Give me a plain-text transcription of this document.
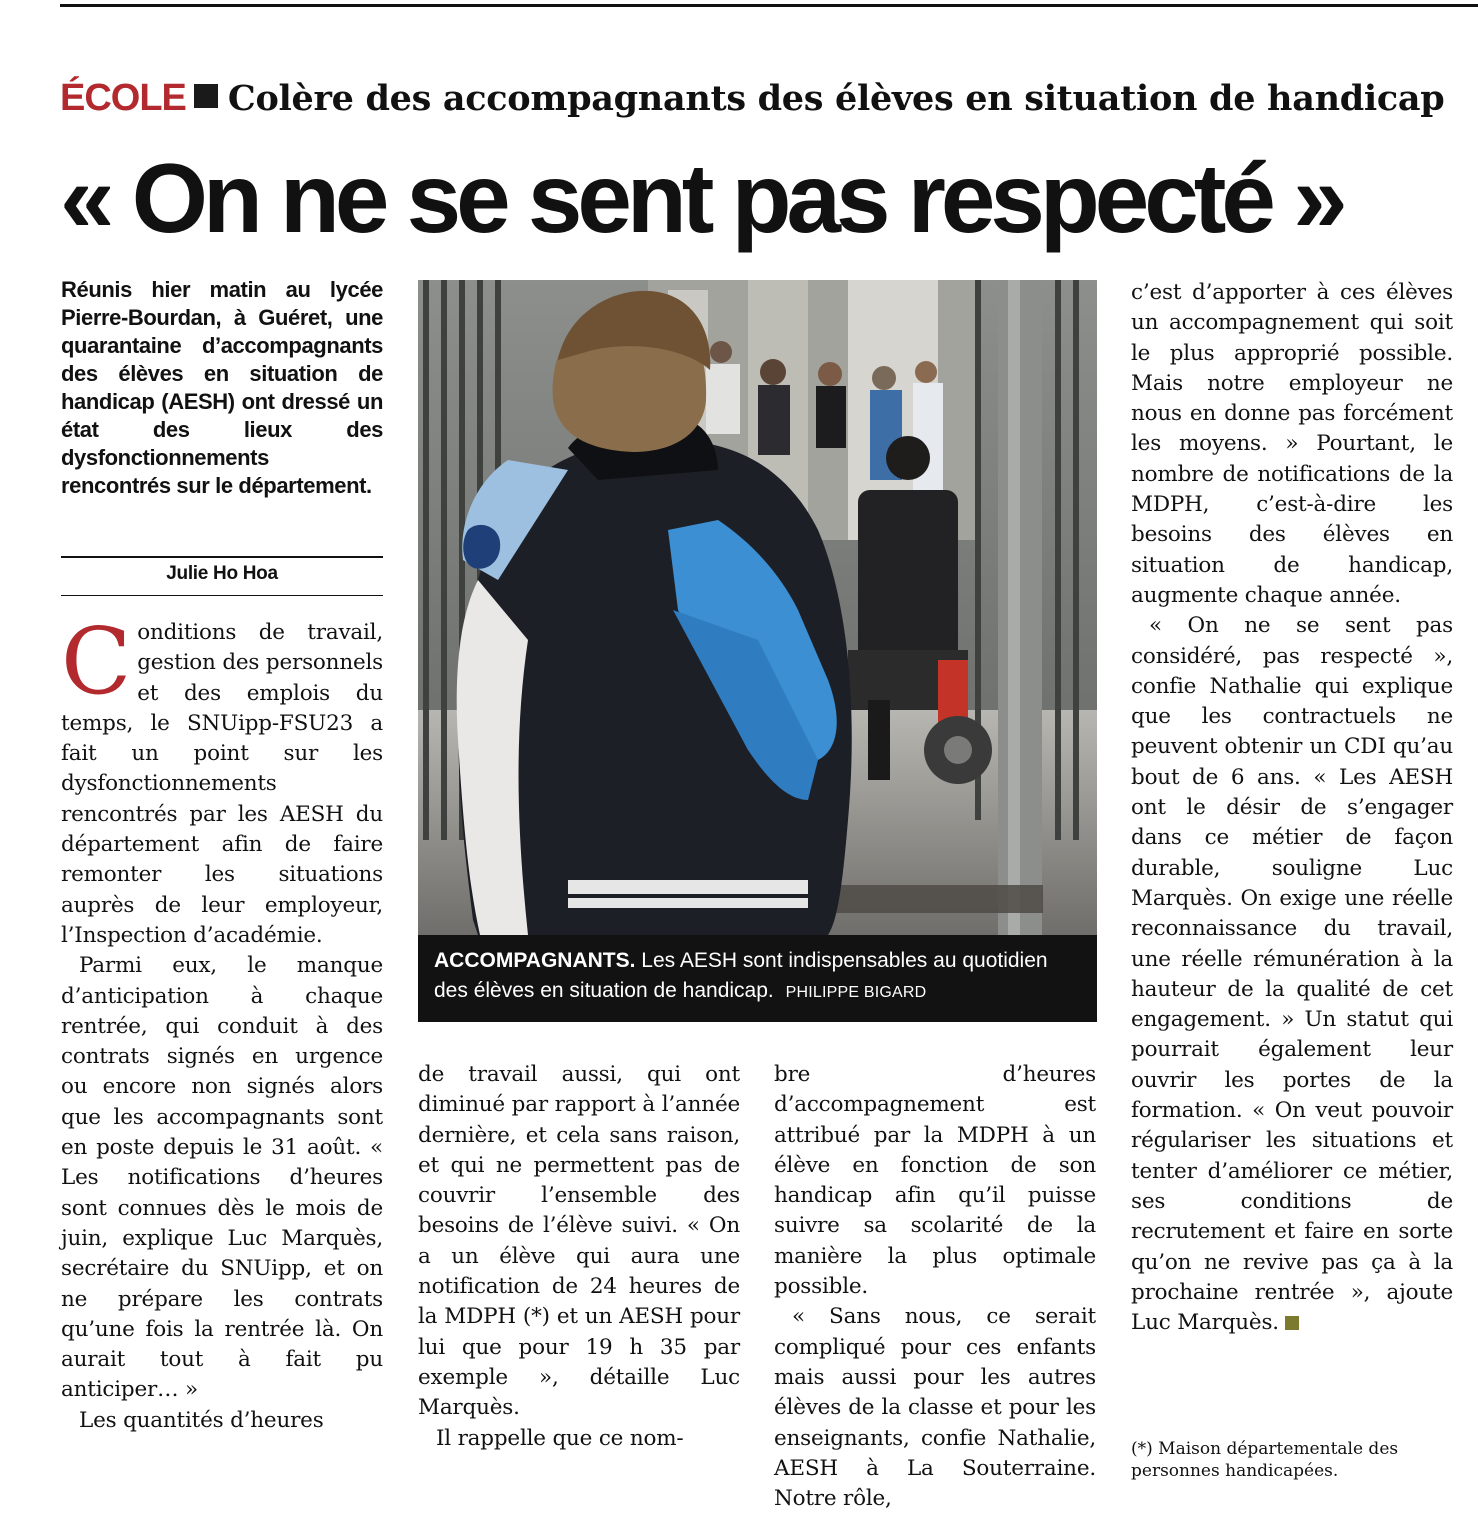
ÉCOLE Colère des accompagnants des élèves en situation de handicap
« On ne se sent pas respecté »
Réunis hier matin au lycée Pierre-Bourdan, à Guéret, une quarantaine d’accompagnants des élèves en situation de handicap (AESH) ont dressé un état des lieux des dysfonctionnements rencontrés sur le département.
Julie Ho Hoa

Conditions de travail, gestion des personnels et des emplois du temps, le SNUipp-FSU23 a fait un point sur les dysfonctionnements rencontrés par les AESH du département afin de faire remonter les situations auprès de leur employeur, l’Inspection d’académie.

Parmi eux, le manque d’anticipation à chaque rentrée, qui conduit à des contrats signés en urgence ou encore non signés alors que les accompagnants sont en poste depuis le 31 août. « Les notifications d’heures sont connues dès le mois de juin, explique Luc Marquès, secrétaire du SNUipp, et on ne prépare les contrats qu’une fois la rentrée là. On aurait tout à fait pu anticiper… »

Les quantités d’heures

ACCOMPAGNANTS. Les AESH sont indispensables au quotidien des élèves en situation de handicap. PHILIPPE BIGARD

de travail aussi, qui ont diminué par rapport à l’année dernière, et cela sans raison, et qui ne permettent pas de couvrir l’ensemble des besoins de l’élève suivi. « On a un élève qui aura une notification de 24 heures de la MDPH (*) et un AESH pour lui que pour 19 h 35 par exemple », détaille Luc Marquès.

Il rappelle que ce nom-

bre d’heures d’accompagnement est attribué par la MDPH à un élève en fonction de son handicap afin qu’il puisse suivre sa scolarité de la manière la plus optimale possible.

« Sans nous, ce serait compliqué pour ces enfants mais aussi pour les autres élèves de la classe et pour les enseignants, confie Nathalie, AESH à La Souterraine. Notre rôle,

c’est d’apporter à ces élèves un accompagnement qui soit le plus approprié possible. Mais notre employeur ne nous en donne pas forcément les moyens. » Pourtant, le nombre de notifications de la MDPH, c’est-à-dire les besoins des élèves en situation de handicap, augmente chaque année.

« On ne se sent pas considéré, pas respecté », confie Nathalie qui explique que les contractuels ne peuvent obtenir un CDI qu’au bout de 6 ans. « Les AESH ont le désir de s’engager dans ce métier de façon durable, souligne Luc Marquès. On exige une réelle reconnaissance du travail, une réelle rémunération à la hauteur de la qualité de cet engagement. » Un statut qui pourrait également leur ouvrir les portes de la formation. « On veut pouvoir régulariser les situations et tenter d’améliorer ce métier, ses conditions de recrutement et faire en sorte qu’on ne revive pas ça à la prochaine rentrée », ajoute Luc Marquès.

(*) Maison départementale des personnes handicapées.
